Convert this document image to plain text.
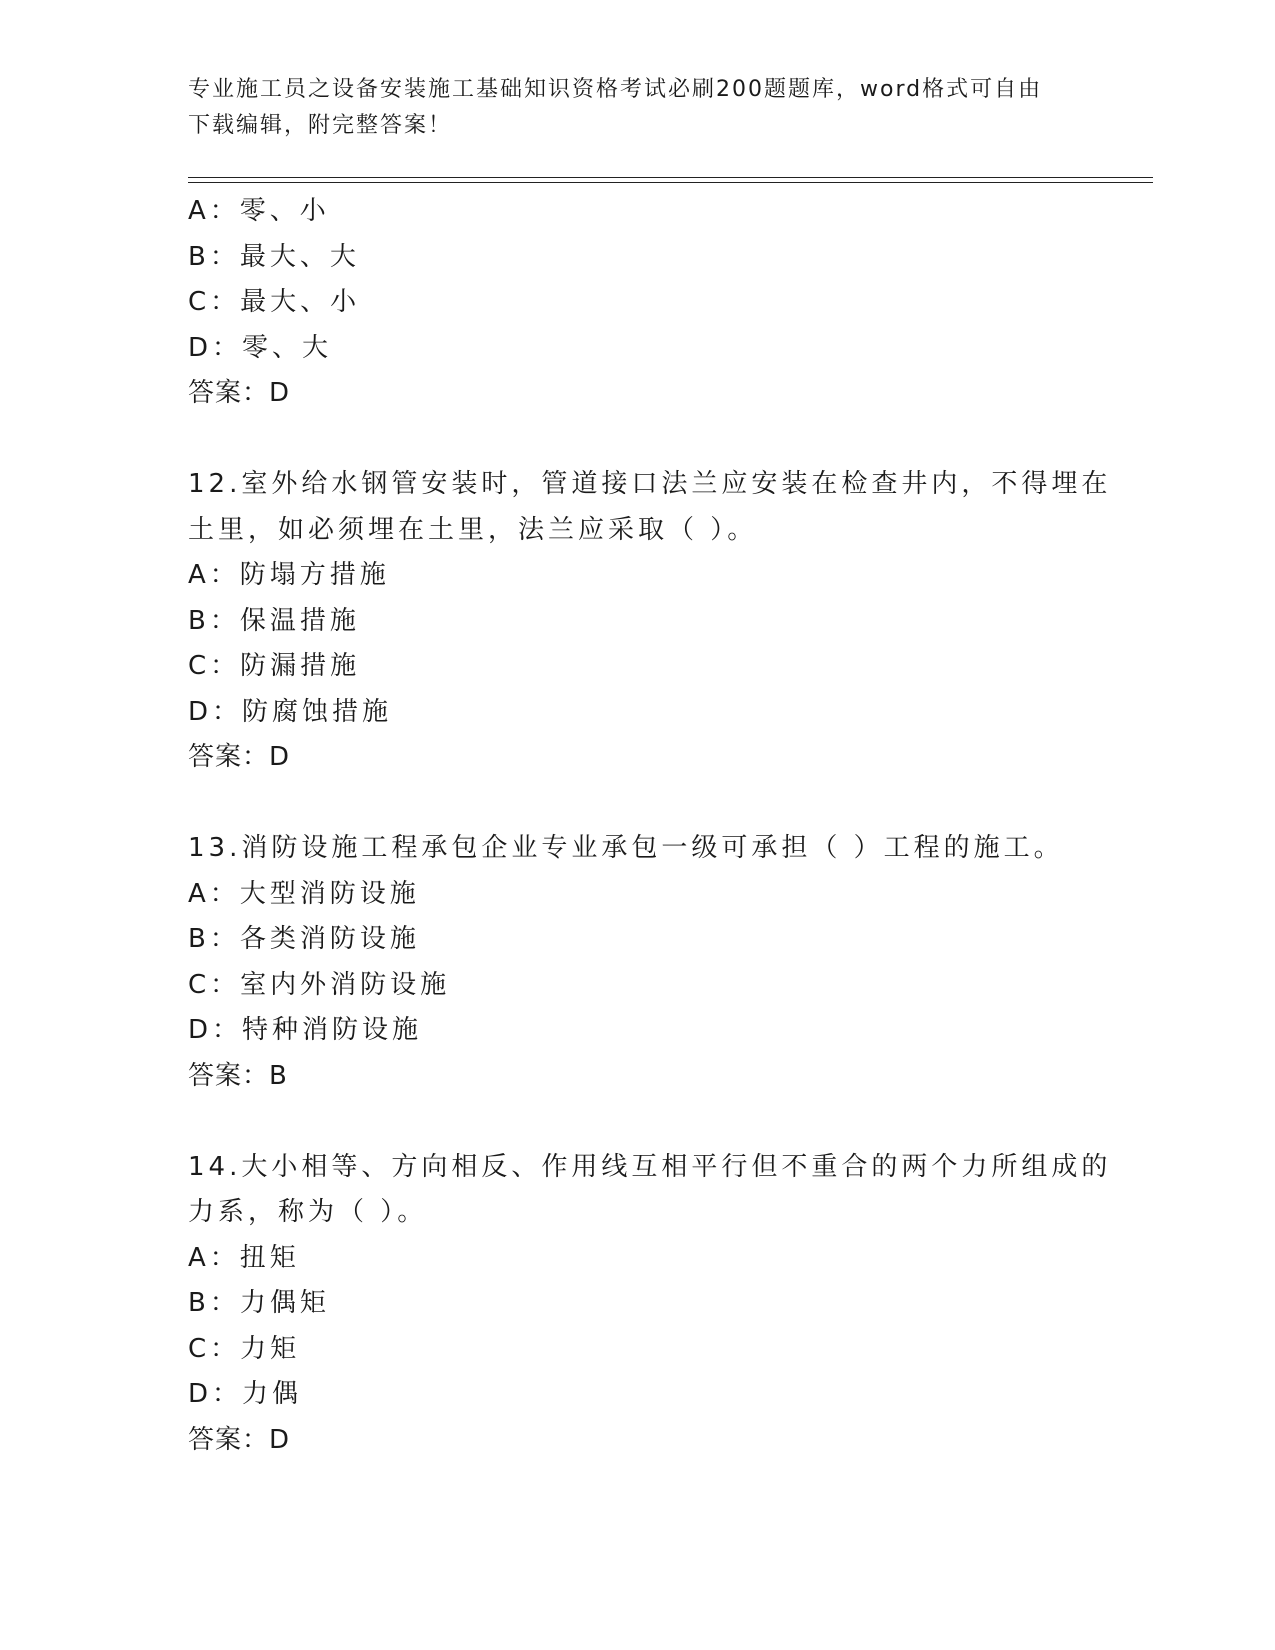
专业施工员之设备安装施工基础知识资格考试必刷200题题库，word格式可自由
下载编辑，附完整答案！
A：零、小
B：最大、大
C：最大、小
D：零、大
答案：D
12.室外给水钢管安装时，管道接口法兰应安装在检查井内，不得埋在
土里，如必须埋在土里，法兰应采取（ ）。
A：防塌方措施
B：保温措施
C：防漏措施
D：防腐蚀措施
答案：D
13.消防设施工程承包企业专业承包一级可承担（ ）工程的施工。
A：大型消防设施
B：各类消防设施
C：室内外消防设施
D：特种消防设施
答案：B
14.大小相等、方向相反、作用线互相平行但不重合的两个力所组成的
力系，称为（ ）。
A：扭矩
B：力偶矩
C：力矩
D：力偶
答案：D
